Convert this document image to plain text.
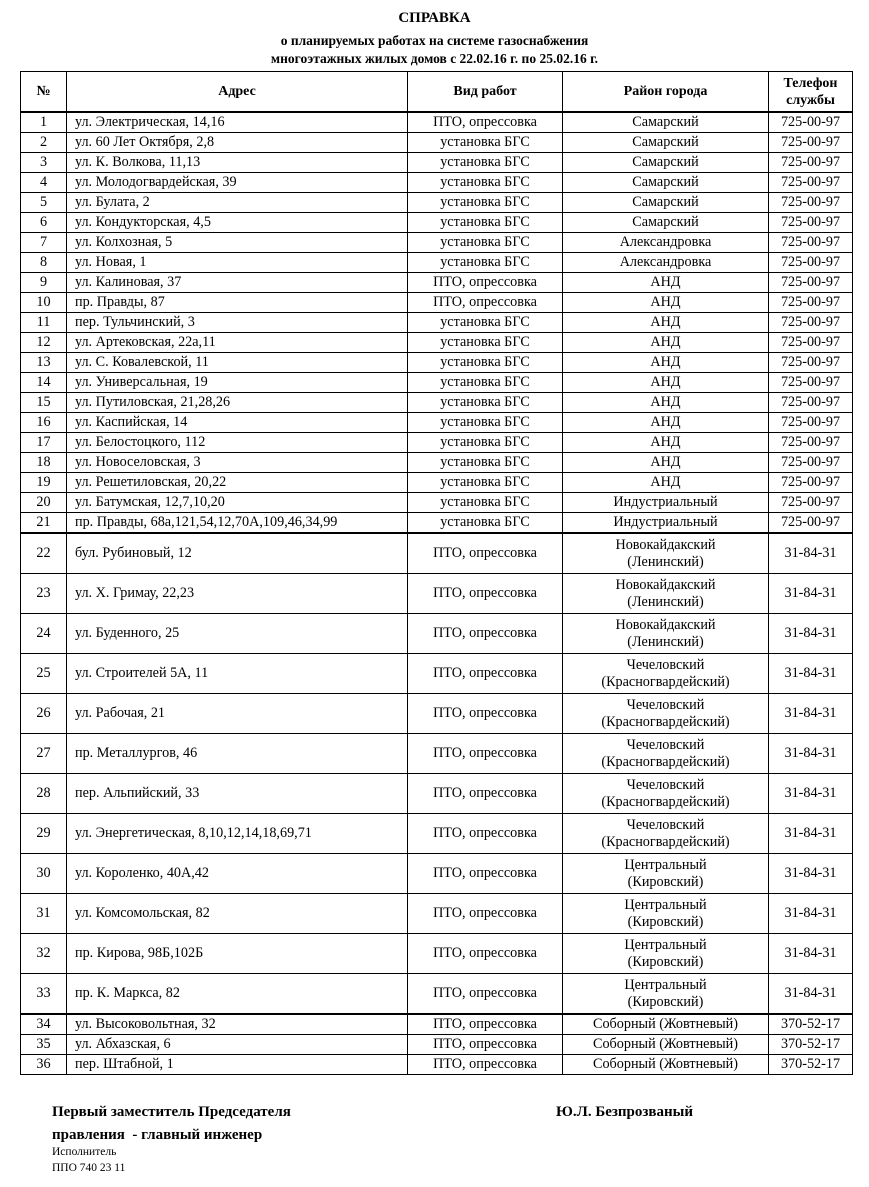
СПРАВКА
о планируемых работах на системе газоснабжения
многоэтажных жилых домов с 22.02.16 г. по 25.02.16 г.
№	Адрес	Вид работ	Район города	Телефон службы
1	ул. Электрическая, 14,16	ПТО, опрессовка	Самарский	725-00-97
2	ул. 60 Лет Октября, 2,8	установка БГС	Самарский	725-00-97
3	ул. К. Волкова, 11,13	установка БГС	Самарский	725-00-97
4	ул. Молодогвардейская, 39	установка БГС	Самарский	725-00-97
5	ул. Булата, 2	установка БГС	Самарский	725-00-97
6	ул. Кондукторская, 4,5	установка БГС	Самарский	725-00-97
7	ул. Колхозная, 5	установка БГС	Александровка	725-00-97
8	ул. Новая, 1	установка БГС	Александровка	725-00-97
9	ул. Калиновая, 37	ПТО, опрессовка	АНД	725-00-97
10	пр. Правды, 87	ПТО, опрессовка	АНД	725-00-97
11	пер. Тульчинский, 3	установка БГС	АНД	725-00-97
12	ул. Артековская, 22а,11	установка БГС	АНД	725-00-97
13	ул. С. Ковалевской, 11	установка БГС	АНД	725-00-97
14	ул. Универсальная, 19	установка БГС	АНД	725-00-97
15	ул. Путиловская, 21,28,26	установка БГС	АНД	725-00-97
16	ул. Каспийская, 14	установка БГС	АНД	725-00-97
17	ул. Белостоцкого, 112	установка БГС	АНД	725-00-97
18	ул. Новоселовская, 3	установка БГС	АНД	725-00-97
19	ул. Решетиловская, 20,22	установка БГС	АНД	725-00-97
20	ул. Батумская, 12,7,10,20	установка БГС	Индустриальный	725-00-97
21	пр. Правды, 68а,121,54,12,70А,109,46,34,99	установка БГС	Индустриальный	725-00-97
22	бул. Рубиновый, 12	ПТО, опрессовка	Новокайдакский
(Ленинский)	31-84-31
23	ул. Х. Гримау, 22,23	ПТО, опрессовка	Новокайдакский
(Ленинский)	31-84-31
24	ул. Буденного, 25	ПТО, опрессовка	Новокайдакский
(Ленинский)	31-84-31
25	ул. Строителей 5А, 11	ПТО, опрессовка	Чечеловский
(Красногвардейский)	31-84-31
26	ул. Рабочая, 21	ПТО, опрессовка	Чечеловский
(Красногвардейский)	31-84-31
27	пр. Металлургов, 46	ПТО, опрессовка	Чечеловский
(Красногвардейский)	31-84-31
28	пер. Альпийский, 33	ПТО, опрессовка	Чечеловский
(Красногвардейский)	31-84-31
29	ул. Энергетическая, 8,10,12,14,18,69,71	ПТО, опрессовка	Чечеловский
(Красногвардейский)	31-84-31
30	ул. Короленко, 40А,42	ПТО, опрессовка	Центральный
(Кировский)	31-84-31
31	ул. Комсомольская, 82	ПТО, опрессовка	Центральный
(Кировский)	31-84-31
32	пр. Кирова, 98Б,102Б	ПТО, опрессовка	Центральный
(Кировский)	31-84-31
33	пр. К. Маркса, 82	ПТО, опрессовка	Центральный
(Кировский)	31-84-31
34	ул. Высоковольтная, 32	ПТО, опрессовка	Соборный (Жовтневый)	370-52-17
35	ул. Абхазская, 6	ПТО, опрессовка	Соборный (Жовтневый)	370-52-17
36	пер. Штабной, 1	ПТО, опрессовка	Соборный (Жовтневый)	370-52-17
Первый заместитель Председателя
правления  - главный инженер
Ю.Л. Безпрозваный
Исполнитель
ППО 740 23 11
